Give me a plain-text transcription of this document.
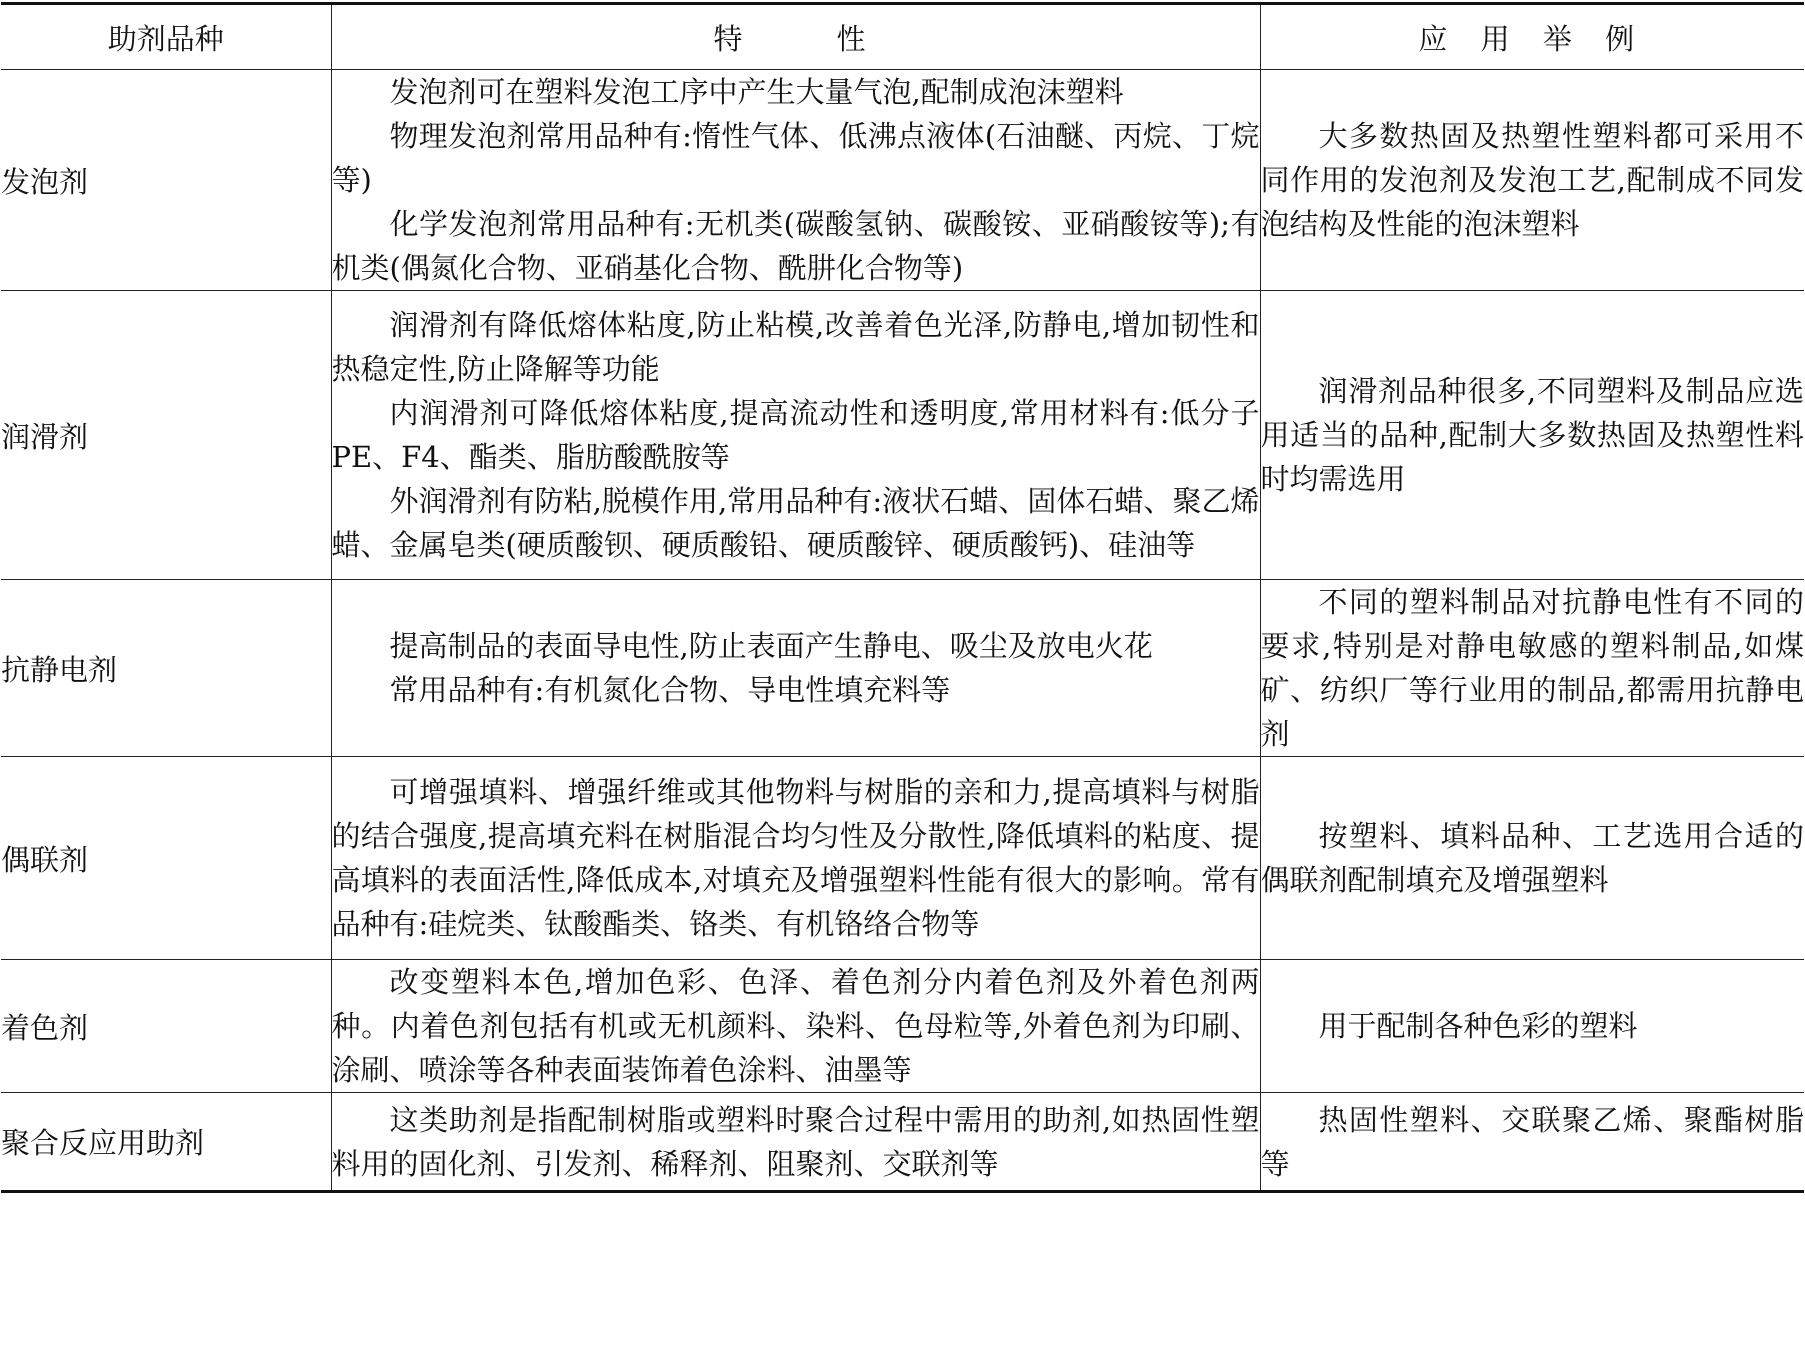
助剂品种	特　　性	应 用 举 例
发泡剂	发泡剂可在塑料发泡工序中产生大量气泡,配制成泡沫塑料
物理发泡剂常用品种有:惰性气体、低沸点液体(石油醚、丙烷、丁烷等)
化学发泡剂常用品种有:无机类(碳酸氢钠、碳酸铵、亚硝酸铵等);有机类(偶氮化合物、亚硝基化合物、酰肼化合物等)	大多数热固及热塑性塑料都可采用不同作用的发泡剂及发泡工艺,配制成不同发泡结构及性能的泡沫塑料

润滑剂	润滑剂有降低熔体粘度,防止粘模,改善着色光泽,防静电,增加韧性和热稳定性,防止降解等功能
内润滑剂可降低熔体粘度,提高流动性和透明度,常用材料有:低分子 PE、F4、酯类、脂肪酸酰胺等
外润滑剂有防粘,脱模作用,常用品种有:液状石蜡、固体石蜡、聚乙烯蜡、金属皂类(硬质酸钡、硬质酸铅、硬质酸锌、硬质酸钙)、硅油等	润滑剂品种很多,不同塑料及制品应选用适当的品种,配制大多数热固及热塑性料时均需选用

抗静电剂	提高制品的表面导电性,防止表面产生静电、吸尘及放电火花
常用品种有:有机氮化合物、导电性填充料等	不同的塑料制品对抗静电性有不同的要求,特别是对静电敏感的塑料制品,如煤矿、纺织厂等行业用的制品,都需用抗静电剂

偶联剂	可增强填料、增强纤维或其他物料与树脂的亲和力,提高填料与树脂的结合强度,提高填充料在树脂混合均匀性及分散性,降低填料的粘度、提高填料的表面活性,降低成本,对填充及增强塑料性能有很大的影响。常有品种有:硅烷类、钛酸酯类、铬类、有机铬络合物等	按塑料、填料品种、工艺选用合适的偶联剂配制填充及增强塑料

着色剂	改变塑料本色,增加色彩、色泽、着色剂分内着色剂及外着色剂两种。内着色剂包括有机或无机颜料、染料、色母粒等,外着色剂为印刷、涂刷、喷涂等各种表面装饰着色涂料、油墨等	用于配制各种色彩的塑料

聚合反应用助剂	这类助剂是指配制树脂或塑料时聚合过程中需用的助剂,如热固性塑料用的固化剂、引发剂、稀释剂、阻聚剂、交联剂等	热固性塑料、交联聚乙烯、聚酯树脂等
